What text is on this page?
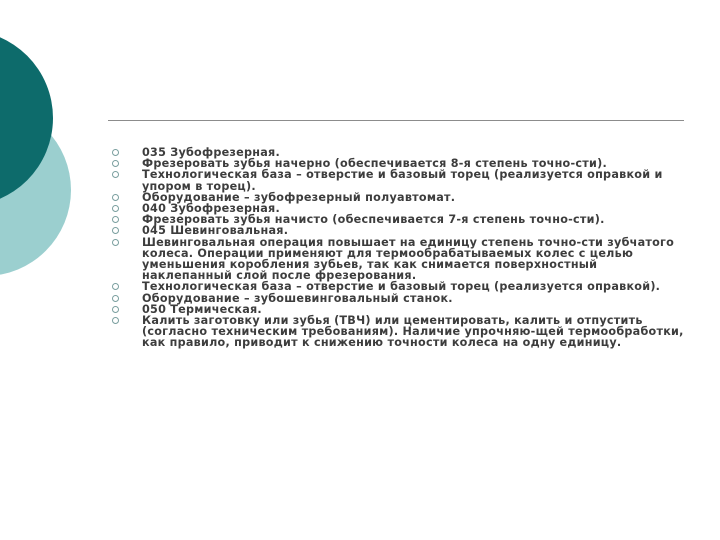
035 Зубофрезерная.
Фрезеровать зубья начерно (обеспечивается 8-я степень точно-сти).
Технологическая база – отверстие и базовый торец (реализуется оправкой и упором в торец).
Оборудование – зубофрезерный полуавтомат.
040 Зубофрезерная.
Фрезеровать зубья начисто (обеспечивается 7-я степень точно-сти).
045 Шевинговальная.
Шевинговальная операция повышает на единицу степень точно-сти зубчатого колеса. Операции применяют для термообрабатываемых колес с целью уменьшения коробления зубьев, так как снимается поверхностный наклепанный слой после фрезерования.
Технологическая база – отверстие и базовый торец (реализуется оправкой).
Оборудование – зубошевинговальный станок.
050 Термическая.
Калить заготовку или зубья (ТВЧ) или цементировать, калить и отпустить (согласно техническим требованиям). Наличие упрочняю-щей термообработки, как правило, приводит к снижению точности колеса на одну единицу.
